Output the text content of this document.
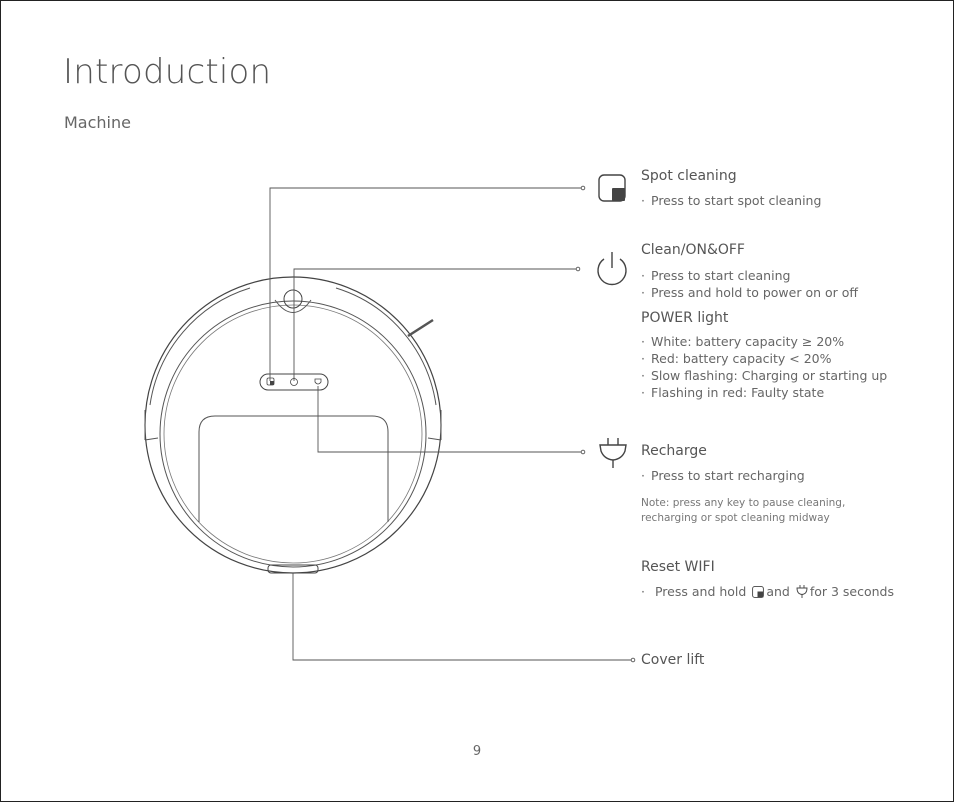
Introduction
Machine

Spot cleaning

· Press to start spot cleaning

Clean/ON&OFF

· Press to start cleaning

· Press and hold to power on or off

POWER light

· White: battery capacity ≥ 20%

· Red: battery capacity < 20%

· Slow flashing: Charging or starting up

· Flashing in red: Faulty state

Recharge

· Press to start recharging

Note: press any key to pause cleaning,
recharging or spot cleaning midway

Reset WIFI

· Press and hold and for 3 seconds

Cover lift

9
